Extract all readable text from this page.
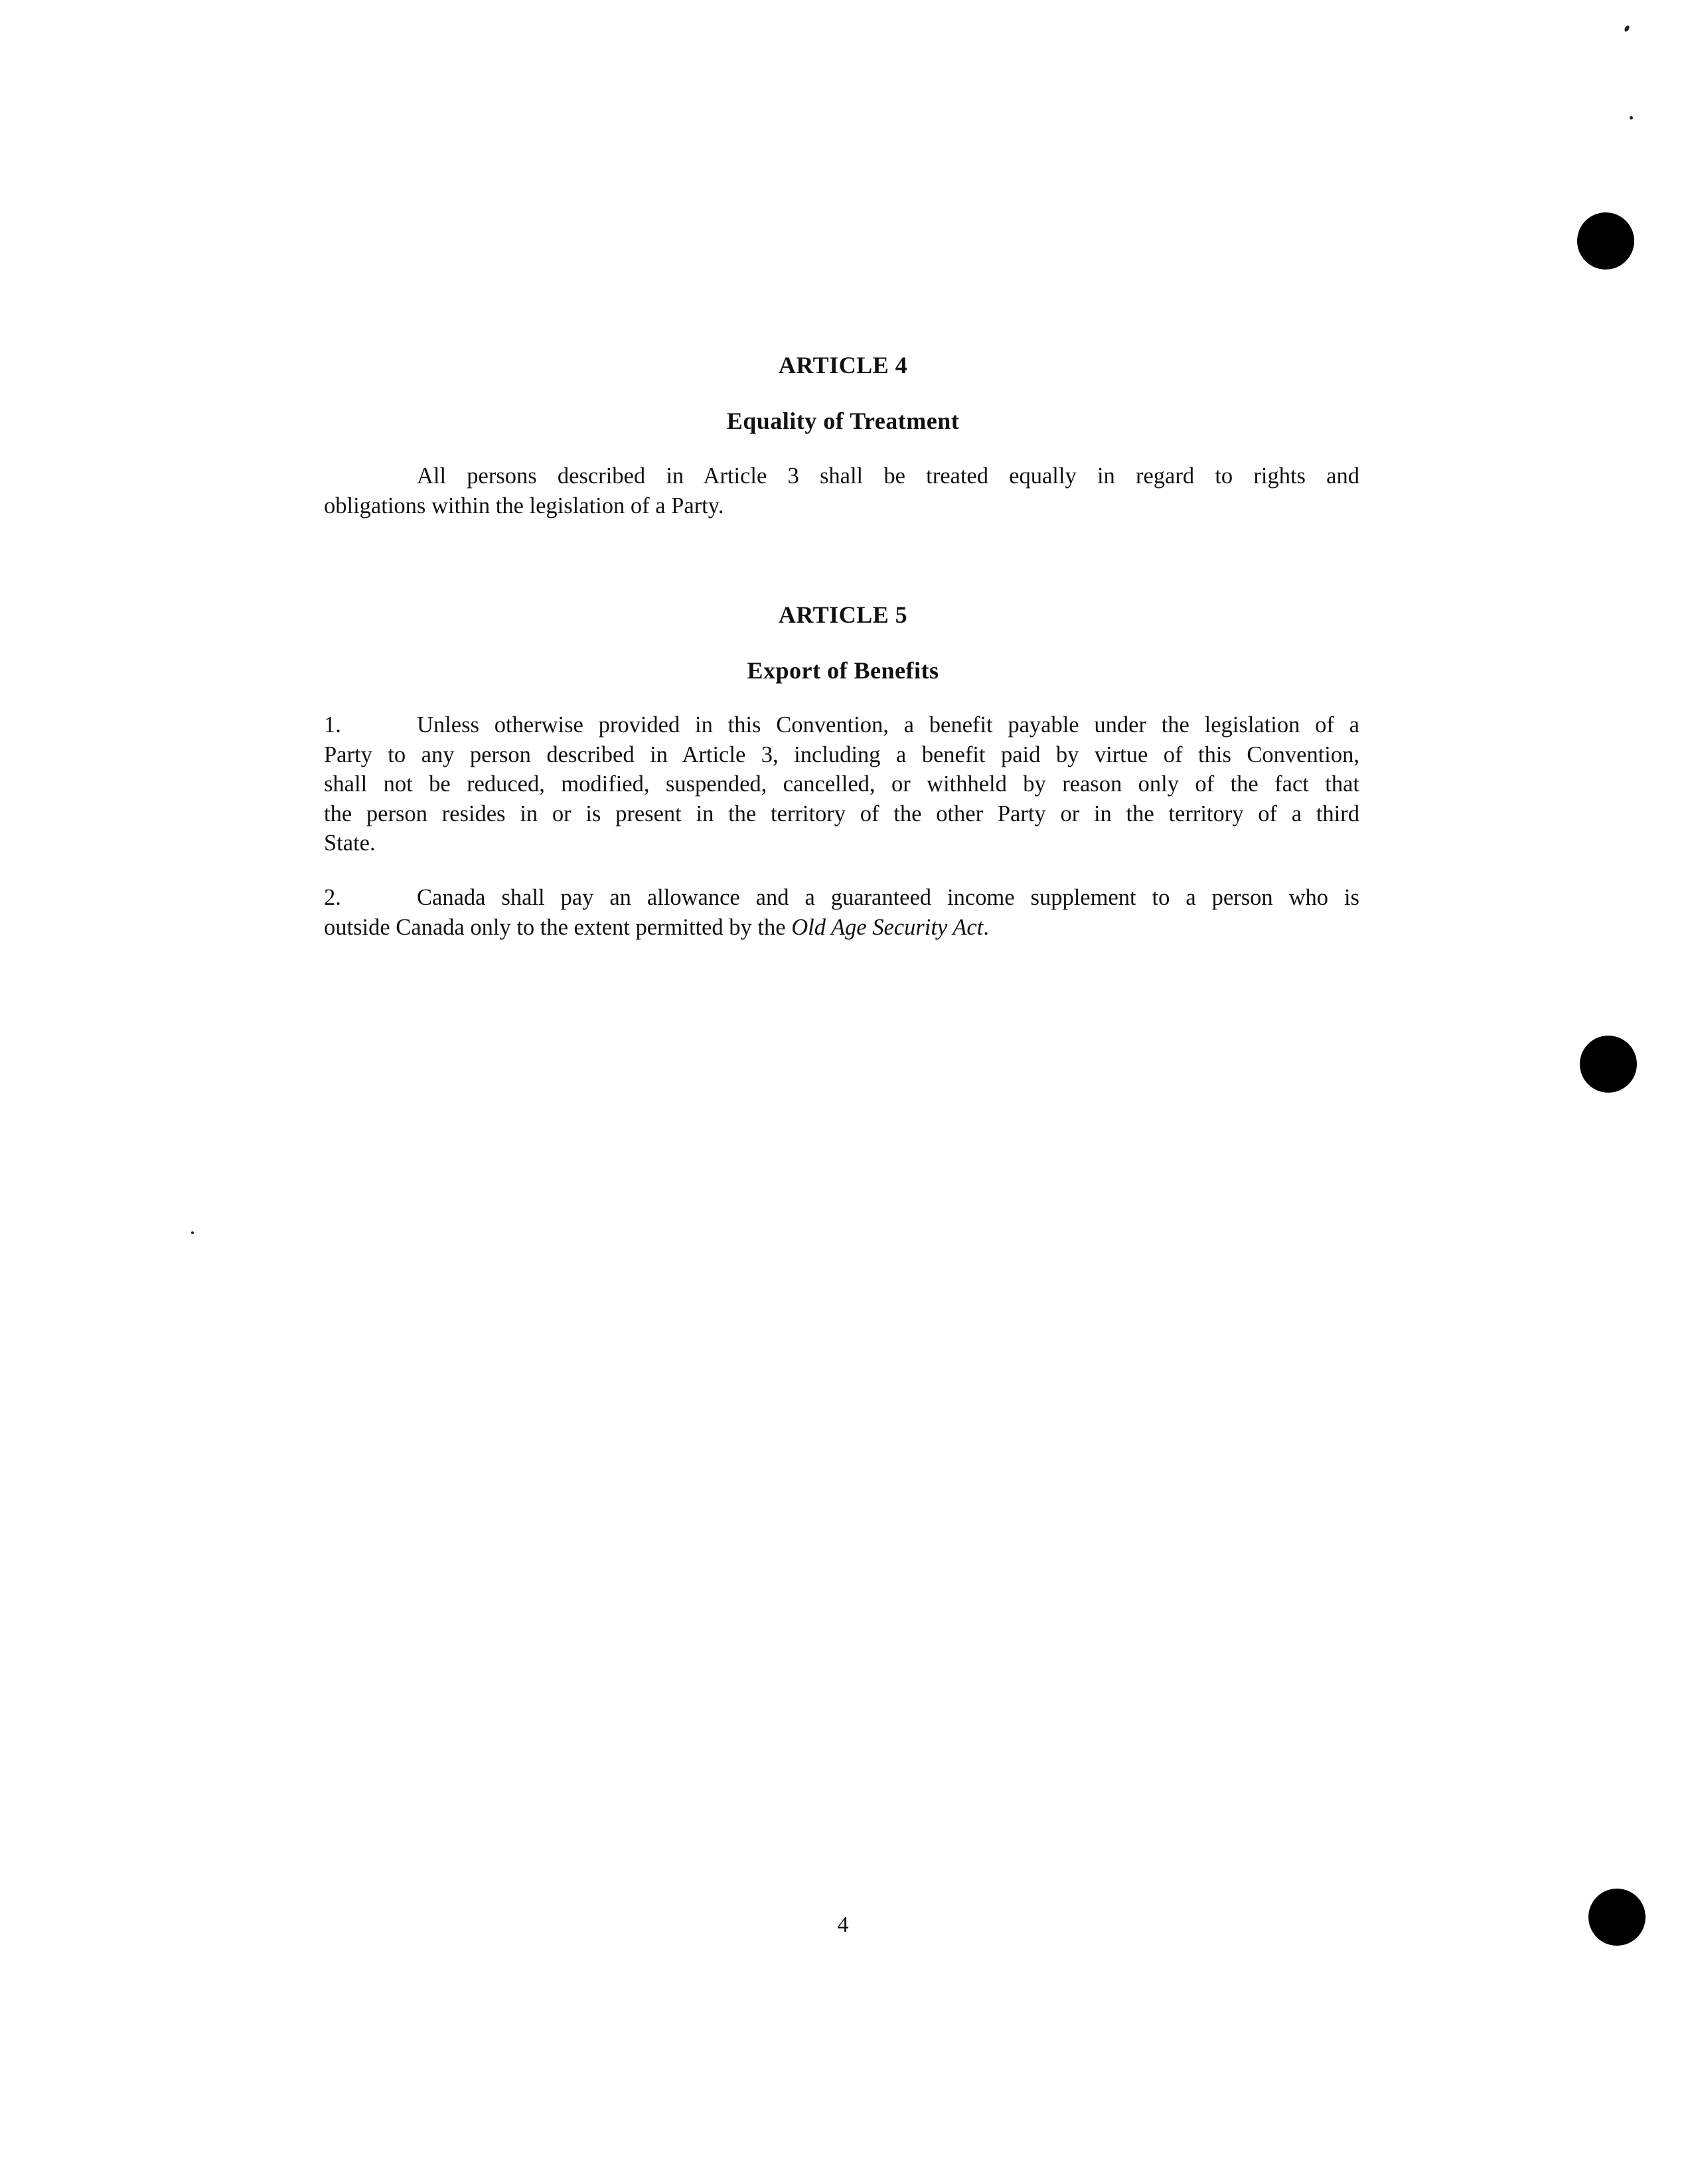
ARTICLE 4
Equality of Treatment
All persons described in Article 3 shall be treated equally in regard to rights and
obligations within the legislation of a Party.
ARTICLE 5
Export of Benefits
1.	Unless otherwise provided in this Convention, a benefit payable under the legislation of a
Party to any person described in Article 3, including a benefit paid by virtue of this Convention,
shall not be reduced, modified, suspended, cancelled, or withheld by reason only of the fact that
the person resides in or is present in the territory of the other Party or in the territory of a third
State.
2.	Canada shall pay an allowance and a guaranteed income supplement to a person who is
outside Canada only to the extent permitted by the Old Age Security Act.
4
